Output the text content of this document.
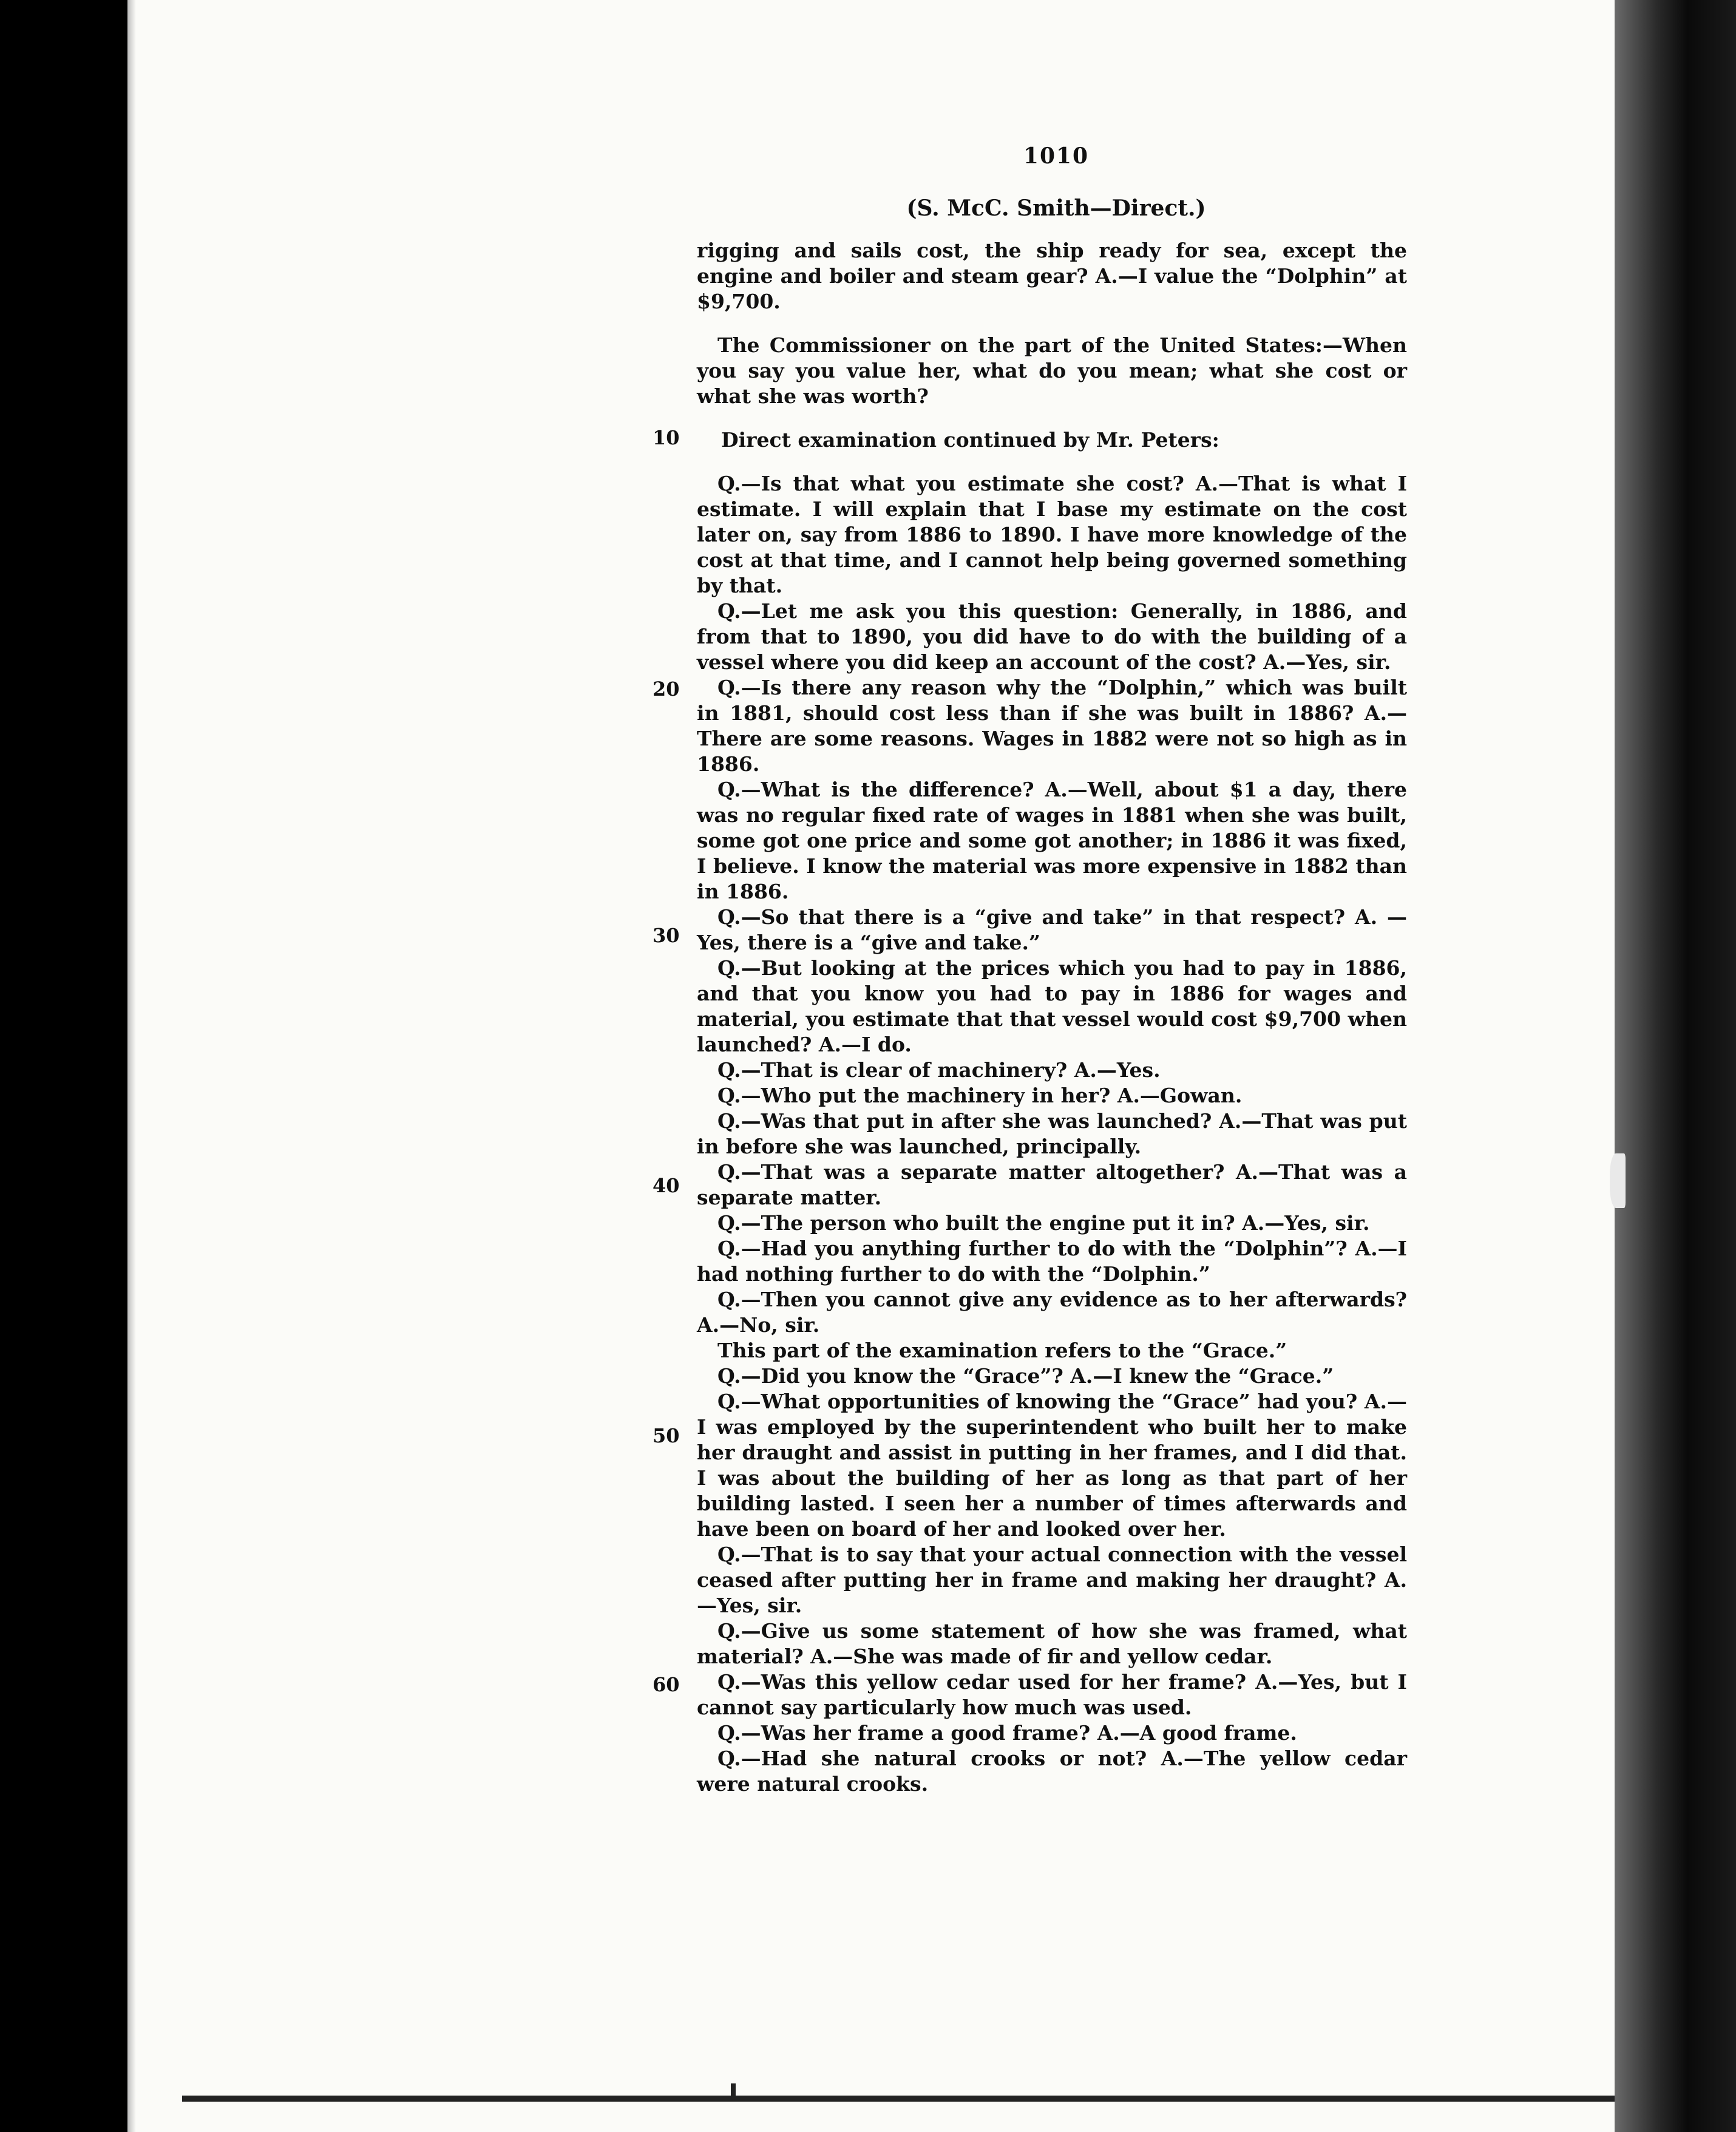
1010
(S. McC. Smith—Direct.)
10
20
30
40
50
60

rigging and sails cost, the ship ready for sea, except the engine and boiler and steam gear? A.—I value the “Dolphin” at $9,700.

The Commissioner on the part of the United States:—When you say you value her, what do you mean; what she cost or what she was worth?

Direct examination continued by Mr. Peters:

Q.—Is that what you estimate she cost? A.—That is what I estimate. I will explain that I base my estimate on the cost later on, say from 1886 to 1890. I have more knowledge of the cost at that time, and I cannot help being governed something by that.

Q.—Let me ask you this question: Generally, in 1886, and from that to 1890, you did have to do with the building of a vessel where you did keep an account of the cost? A.—Yes, sir.

Q.—Is there any reason why the “Dolphin,” which was built in 1881, should cost less than if she was built in 1886? A.—There are some reasons. Wages in 1882 were not so high as in 1886.

Q.—What is the difference? A.—Well, about $1 a day, there was no regular fixed rate of wages in 1881 when she was built, some got one price and some got another; in 1886 it was fixed, I believe. I know the material was more expensive in 1882 than in 1886.

Q.—So that there is a “give and take” in that respect? A. —Yes, there is a “give and take.”

Q.—But looking at the prices which you had to pay in 1886, and that you know you had to pay in 1886 for wages and material, you estimate that that vessel would cost $9,700 when launched? A.—I do.

Q.—That is clear of machinery? A.—Yes.

Q.—Who put the machinery in her? A.—Gowan.

Q.—Was that put in after she was launched? A.—That was put in before she was launched, principally.

Q.—That was a separate matter altogether? A.—That was a separate matter.

Q.—The person who built the engine put it in? A.—Yes, sir.

Q.—Had you anything further to do with the “Dolphin”? A.—I had nothing further to do with the “Dolphin.”

Q.—Then you cannot give any evidence as to her afterwards? A.—No, sir.

This part of the examination refers to the “Grace.”

Q.—Did you know the “Grace”? A.—I knew the “Grace.”

Q.—What opportunities of knowing the “Grace” had you? A.—I was employed by the superintendent who built her to make her draught and assist in putting in her frames, and I did that. I was about the building of her as long as that part of her building lasted. I seen her a number of times afterwards and have been on board of her and looked over her.

Q.—That is to say that your actual connection with the vessel ceased after putting her in frame and making her draught? A.—Yes, sir.

Q.—Give us some statement of how she was framed, what material? A.—She was made of fir and yellow cedar.

Q.—Was this yellow cedar used for her frame? A.—Yes, but I cannot say particularly how much was used.

Q.—Was her frame a good frame? A.—A good frame.

Q.—Had she natural crooks or not? A.—The yellow cedar were natural crooks.
